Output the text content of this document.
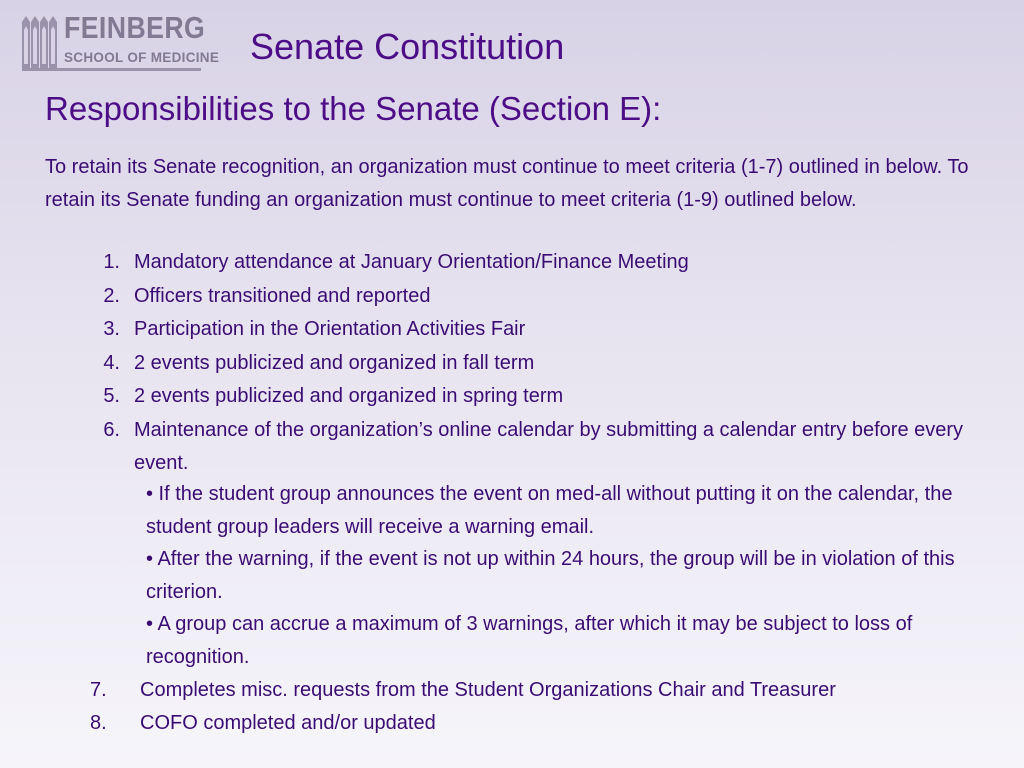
FEINBERG
SCHOOL OF MEDICINE Senate Constitution
Responsibilities to the Senate (Section E):

To retain its Senate recognition, an organization must continue to meet criteria (1-7) outlined in below. To retain its Senate funding an organization must continue to meet criteria (1-9) outlined below.

1. Mandatory attendance at January Orientation/Finance Meeting
2. Officers transitioned and reported
3. Participation in the Orientation Activities Fair
4. 2 events publicized and organized in fall term
5. 2 events publicized and organized in spring term
6. Maintenance of the organization’s online calendar by submitting a calendar entry before every event.
• If the student group announces the event on med-all without putting it on the calendar, the student group leaders will receive a warning email.
• After the warning, if the event is not up within 24 hours, the group will be in violation of this criterion.
• A group can accrue a maximum of 3 warnings, after which it may be subject to loss of recognition.
7. Completes misc. requests from the Student Organizations Chair and Treasurer
8. COFO completed and/or updated
